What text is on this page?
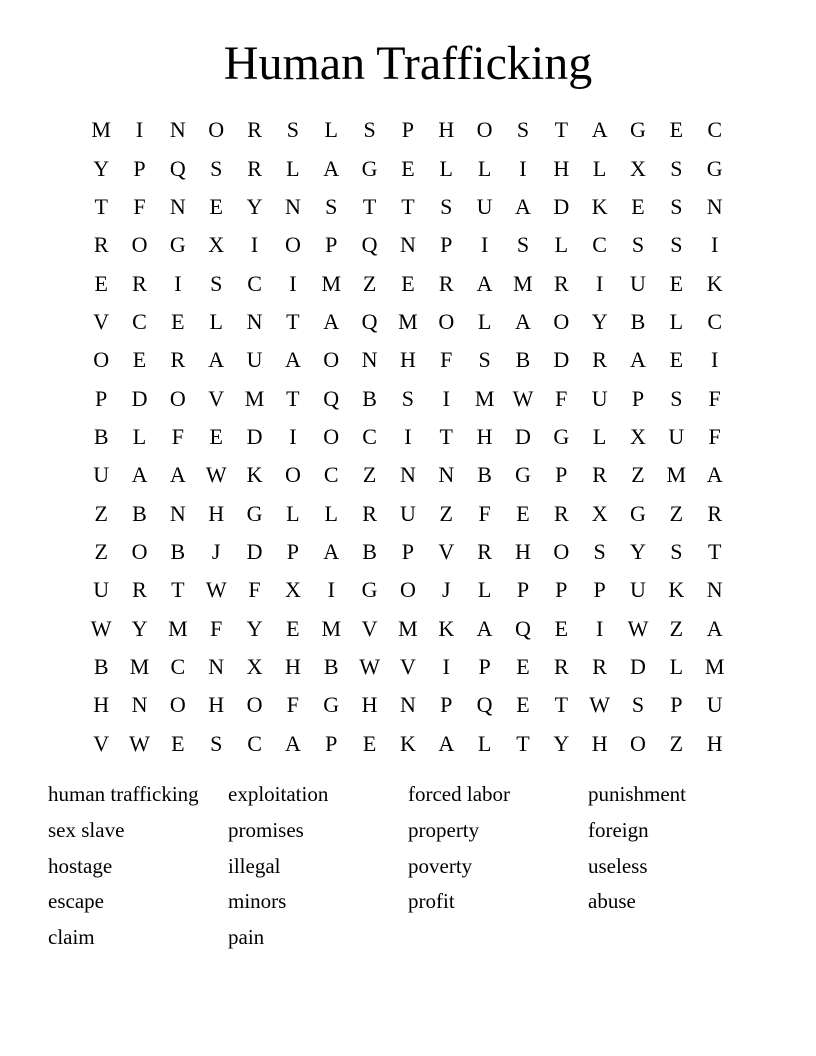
Human Trafficking
M	I	N	O	R	S	L	S	P	H	O	S	T	A	G	E	C
Y	P	Q	S	R	L	A	G	E	L	L	I	H	L	X	S	G
T	F	N	E	Y	N	S	T	T	S	U	A	D	K	E	S	N
R	O	G	X	I	O	P	Q	N	P	I	S	L	C	S	S	I
E	R	I	S	C	I	M Z	E	R	A M R	I	U	E	K
V	C	E	L	N	T	A	Q M O	L	A	O	Y	B	L	C
O	E	R	A	U	A	O	N	H	F	S	B	D	R	A	E	I
P	D	O	V M T	Q	B	S	I	M W F	U	P	S	F
B	L	F	E	D	I	O	C	I	T	H	D	G	L	X	U	F
U	A	A W K	O	C	Z	N	N	B	G	P	R	Z M A
Z	B	N	H	G	L	L	R	U	Z	F	E	R	X	G	Z	R
Z	O	B	J	D	P	A	B	P	V	R	H	O	S	Y	S	T
U	R	T W F	X	I	G	O	J	L	P	P	P	U	K	N
W Y M	F	Y	E M V M K	A	Q	E	I	W Z	A
B M C	N	X	H	B W V	I	P	E	R	R	D	L M
H	N	O	H	O	F	G	H	N	P	Q	E	T W S	P	U
V W E	S	C	A	P	E	K	A	L	T	Y	H	O	Z	H
human trafficking
sex slave
hostage
escape
claim
exploitation
promises
illegal
minors
pain
forced labor
property
poverty
profit
punishment
foreign
useless
abuse
